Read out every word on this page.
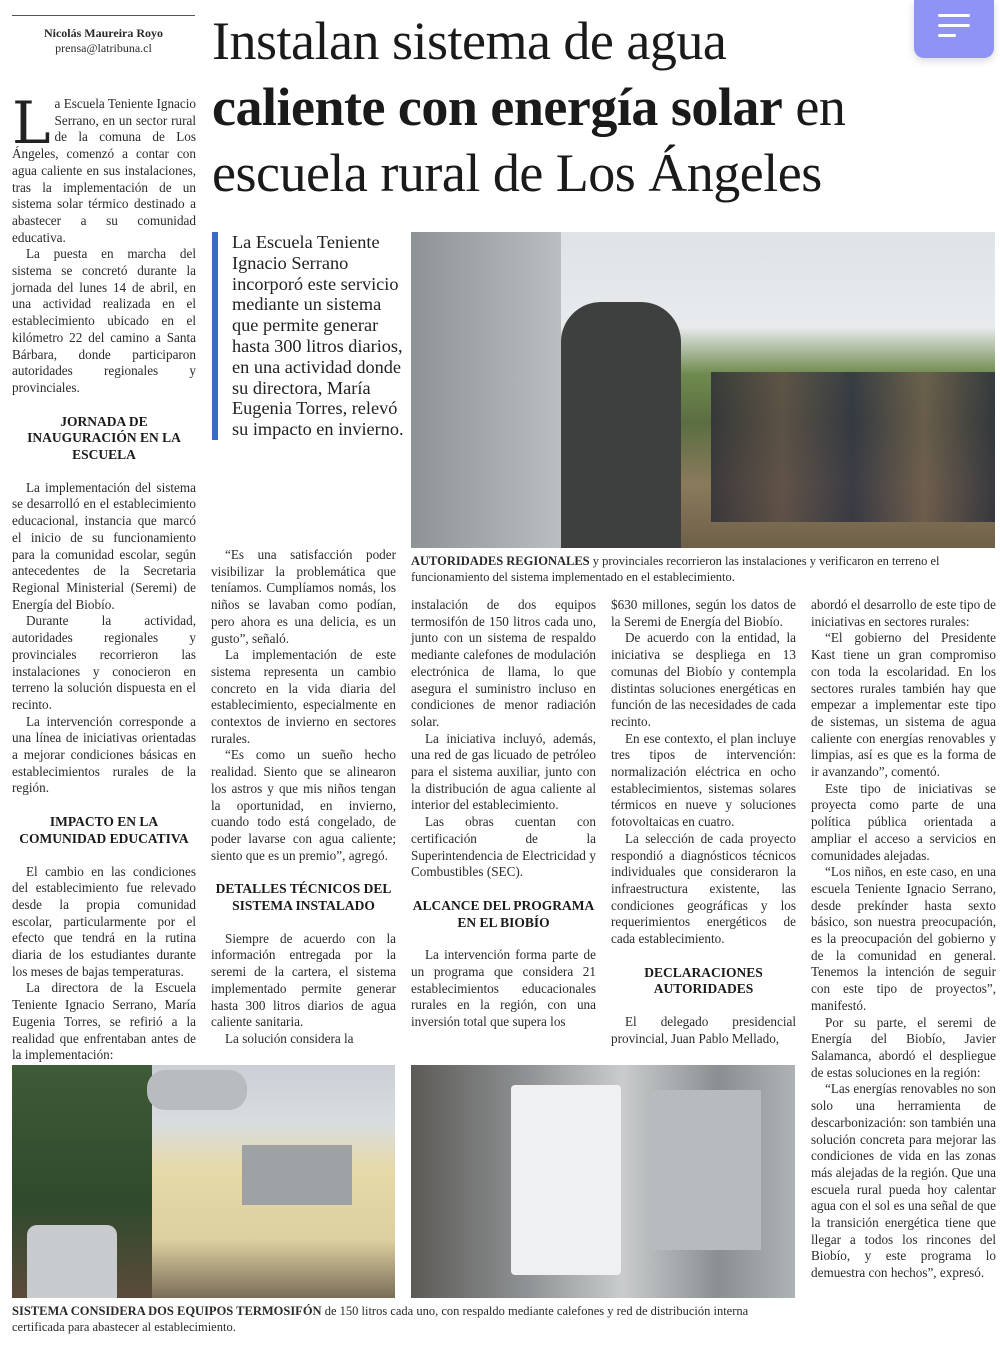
Nicolás Maureira Royo
prensa@latribuna.cl	Instalan sistema de agua
caliente con energía solar en
escuela rural de Los Ángeles

La Escuela Teniente Ignacio Serrano, en un sector rural de la comuna de Los Ángeles, comenzó a contar con agua caliente en sus instalaciones, tras la implementación de un sistema solar térmico destinado a abastecer a su comunidad educativa.

La puesta en marcha del sistema se concretó durante la jornada del lunes 14 de abril, en una actividad realizada en el establecimiento ubicado en el kilómetro 22 del camino a Santa Bárbara, donde participaron autoridades regionales y provinciales.

JORNADA DE INAUGURACIÓN EN LA ESCUELA

La implementación del sistema se desarrolló en el establecimiento educacional, instancia que marcó el inicio de su funcionamiento para la comunidad escolar, según antecedentes de la Secretaria Regional Ministerial (Seremi) de Energía del Biobío.

Durante la actividad, autoridades regionales y provinciales recorrieron las instalaciones y conocieron en terreno la solución dispuesta en el recinto.

La intervención corresponde a una línea de iniciativas orientadas a mejorar condiciones básicas en establecimientos rurales de la región.

IMPACTO EN LA COMUNIDAD EDUCATIVA

El cambio en las condiciones del establecimiento fue relevado desde la propia comunidad escolar, particularmente por el efecto que tendrá en la rutina diaria de los estudiantes durante los meses de bajas temperaturas.

La directora de la Escuela Teniente Ignacio Serrano, María Eugenia Torres, se refirió a la realidad que enfrentaban antes de la implementación:

La Escuela Teniente Ignacio Serrano incorporó este servicio mediante un sistema que permite generar hasta 300 litros diarios, en una actividad donde su directora, María Eugenia Torres, relevó su impacto en invierno.
AUTORIDADES REGIONALES y provinciales recorrieron las instalaciones y verificaron en terreno el funcionamiento del sistema implementado en el establecimiento.

“Es una satisfacción poder visibilizar la problemática que teníamos. Cumplíamos nomás, los niños se lavaban como podían, pero ahora es una delicia, es un gusto”, señaló.

La implementación de este sistema representa un cambio concreto en la vida diaria del establecimiento, especialmente en contextos de invierno en sectores rurales.

“Es como un sueño hecho realidad. Siento que se alinearon los astros y que mis niños tengan la oportunidad, en invierno, cuando todo está congelado, de poder lavarse con agua caliente; siento que es un premio”, agregó.

DETALLES TÉCNICOS DEL SISTEMA INSTALADO

Siempre de acuerdo con la información entregada por la seremi de la cartera, el sistema implementado permite generar hasta 300 litros diarios de agua caliente sanitaria.

La solución considera la

instalación de dos equipos termosifón de 150 litros cada uno, junto con un sistema de respaldo mediante calefones de modulación electrónica de llama, lo que asegura el suministro incluso en condiciones de menor radiación solar.

La iniciativa incluyó, además, una red de gas licuado de petróleo para el sistema auxiliar, junto con la distribución de agua caliente al interior del establecimiento.

Las obras cuentan con certificación de la Superintendencia de Electricidad y Combustibles (SEC).

ALCANCE DEL PROGRAMA EN EL BIOBÍO

La intervención forma parte de un programa que considera 21 establecimientos educacionales rurales en la región, con una inversión total que supera los

$630 millones, según los datos de la Seremi de Energía del Biobío.

De acuerdo con la entidad, la iniciativa se despliega en 13 comunas del Biobío y contempla distintas soluciones energéticas en función de las necesidades de cada recinto.

En ese contexto, el plan incluye tres tipos de intervención: normalización eléctrica en ocho establecimientos, sistemas solares térmicos en nueve y soluciones fotovoltaicas en cuatro.

La selección de cada proyecto respondió a diagnósticos técnicos individuales que consideraron la infraestructura existente, las condiciones geográficas y los requerimientos energéticos de cada establecimiento.

DECLARACIONES AUTORIDADES

El delegado presidencial provincial, Juan Pablo Mellado,

abordó el desarrollo de este tipo de iniciativas en sectores rurales:

“El gobierno del Presidente Kast tiene un gran compromiso con toda la escolaridad. En los sectores rurales también hay que empezar a implementar este tipo de sistemas, un sistema de agua caliente con energías renovables y limpias, así es que es la forma de ir avanzando”, comentó.

Este tipo de iniciativas se proyecta como parte de una política pública orientada a ampliar el acceso a servicios en comunidades alejadas.

“Los niños, en este caso, en una escuela Teniente Ignacio Serrano, desde prekínder hasta sexto básico, son nuestra preocupación, es la preocupación del gobierno y de la comunidad en general. Tenemos la intención de seguir con este tipo de proyectos”, manifestó.

Por su parte, el seremi de Energía del Biobío, Javier Salamanca, abordó el despliegue de estas soluciones en la región:

“Las energías renovables no son solo una herramienta de descarbonización: son también una solución concreta para mejorar las condiciones de vida en las zonas más alejadas de la región. Que una escuela rural pueda hoy calentar agua con el sol es una señal de que la transición energética tiene que llegar a todos los rincones del Biobío, y este programa lo demuestra con hechos”, expresó.

SISTEMA CONSIDERA DOS EQUIPOS TERMOSIFÓN de 150 litros cada uno, con respaldo mediante calefones y red de distribución interna certificada para abastecer al establecimiento.
